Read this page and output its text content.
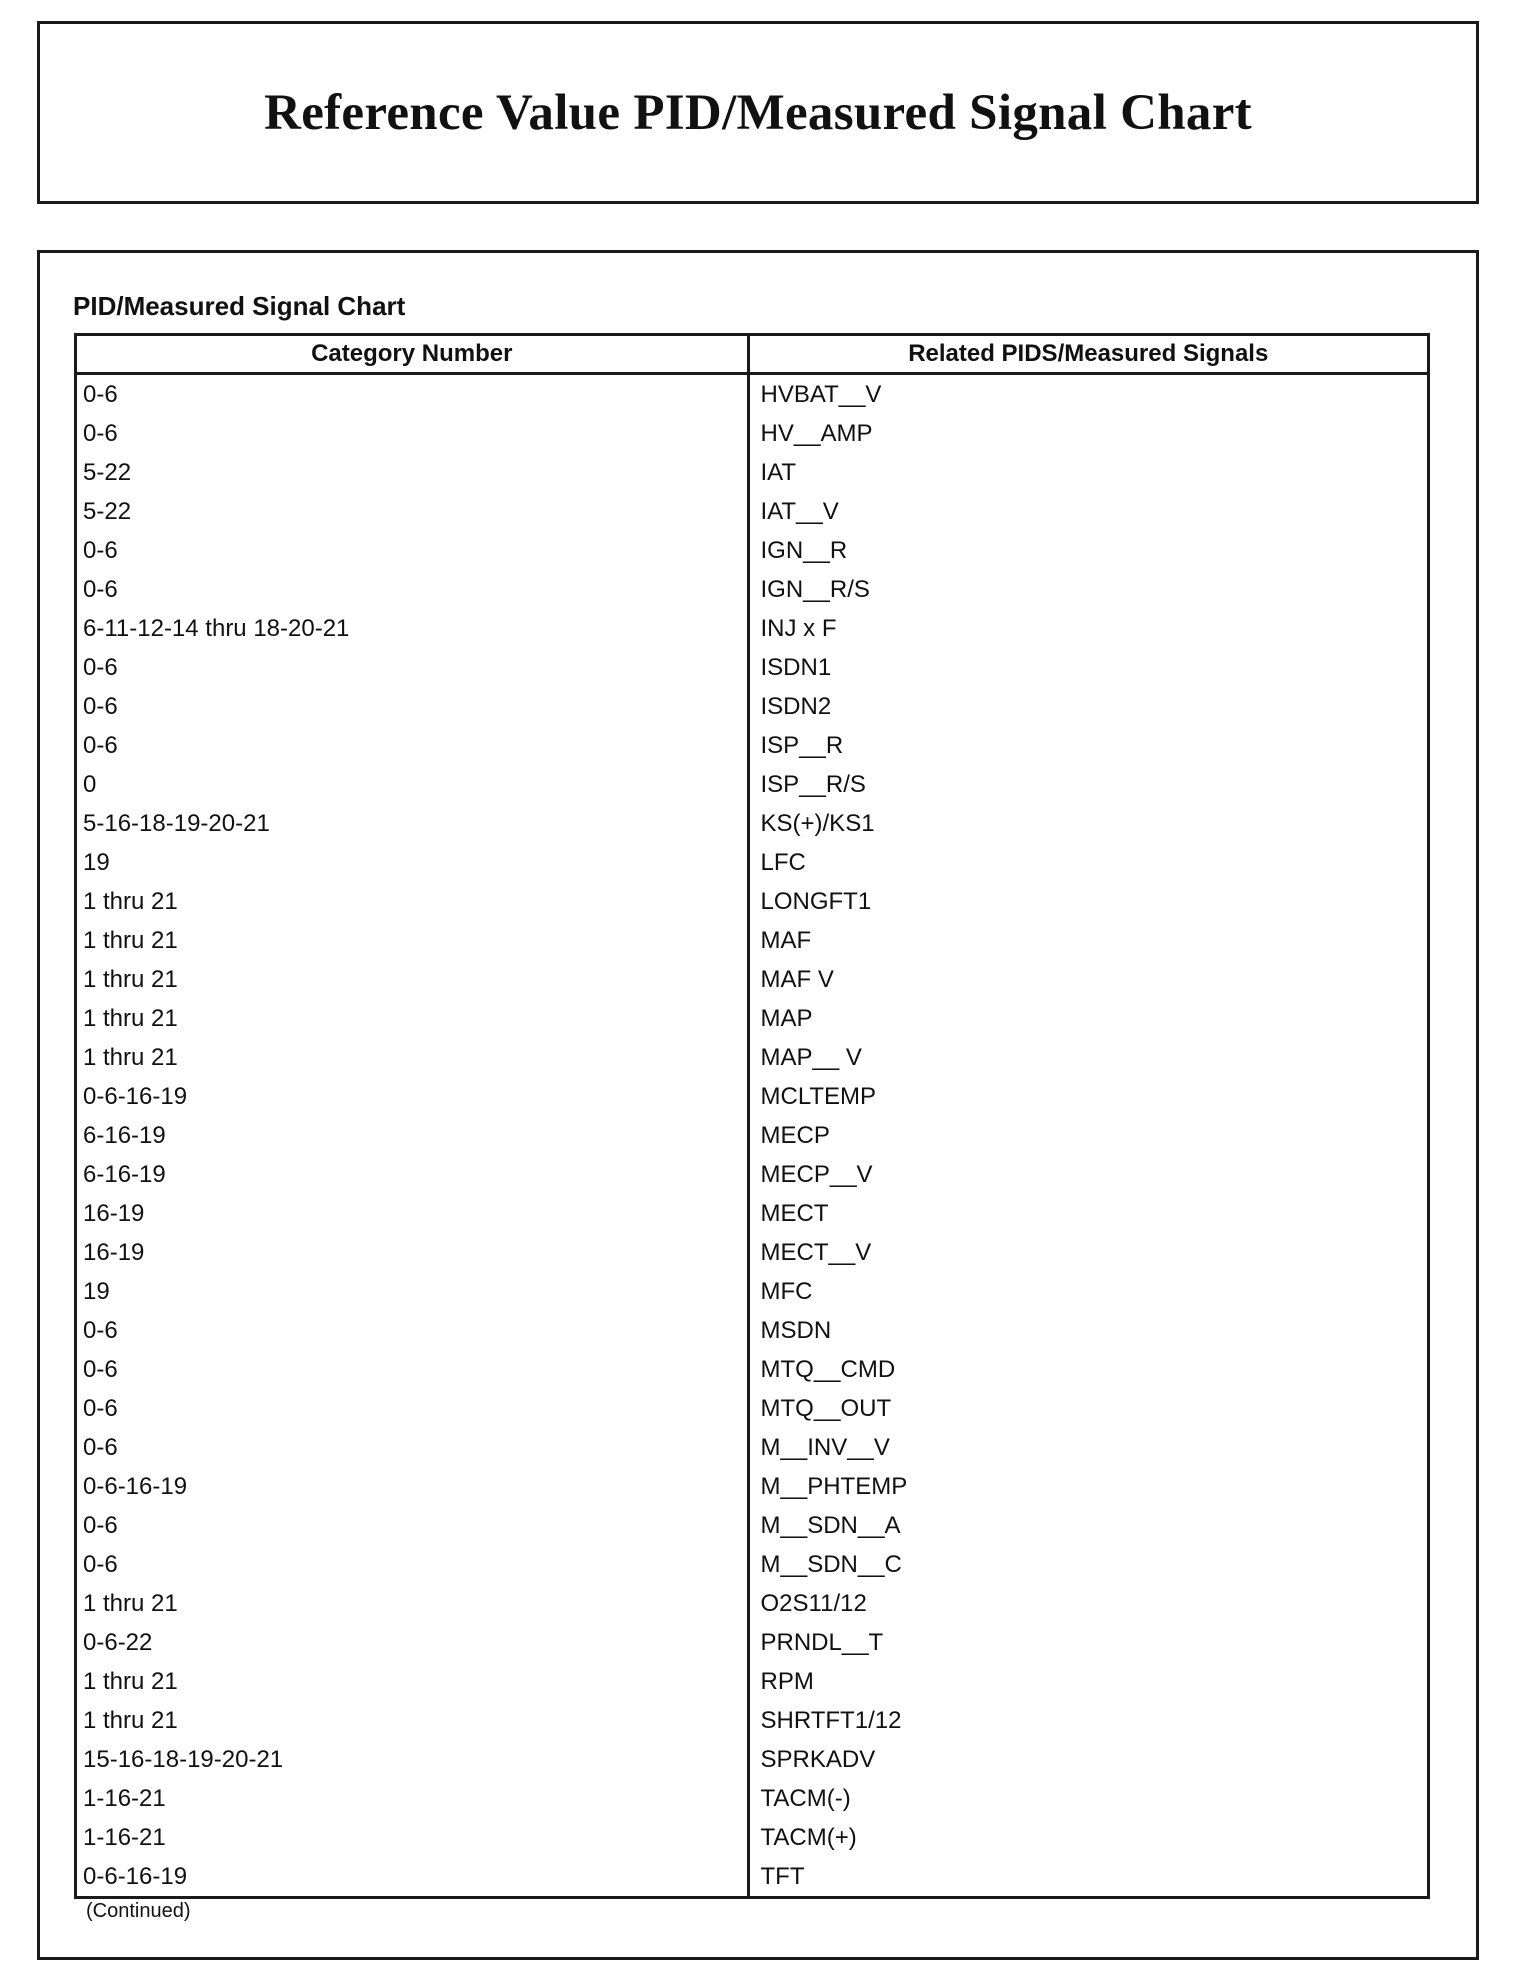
Reference Value PID/Measured Signal Chart
PID/Measured Signal Chart
Category Number	Related PIDS/Measured Signals
0-6	HVBAT__V
0-6	HV__AMP
5-22	IAT
5-22	IAT__V
0-6	IGN__R
0-6	IGN__R/S
6-11-12-14 thru 18-20-21	INJ x F
0-6	ISDN1
0-6	ISDN2
0-6	ISP__R
0	ISP__R/S
5-16-18-19-20-21	KS(+)/KS1
19	LFC
1 thru 21	LONGFT1
1 thru 21	MAF
1 thru 21	MAF V
1 thru 21	MAP
1 thru 21	MAP__ V
0-6-16-19	MCLTEMP
6-16-19	MECP
6-16-19	MECP__V
16-19	MECT
16-19	MECT__V
19	MFC
0-6	MSDN
0-6	MTQ__CMD
0-6	MTQ__OUT
0-6	M__INV__V
0-6-16-19	M__PHTEMP
0-6	M__SDN__A
0-6	M__SDN__C
1 thru 21	O2S11/12
0-6-22	PRNDL__T
1 thru 21	RPM
1 thru 21	SHRTFT1/12
15-16-18-19-20-21	SPRKADV
1-16-21	TACM(-)
1-16-21	TACM(+)
0-6-16-19	TFT
(Continued)
